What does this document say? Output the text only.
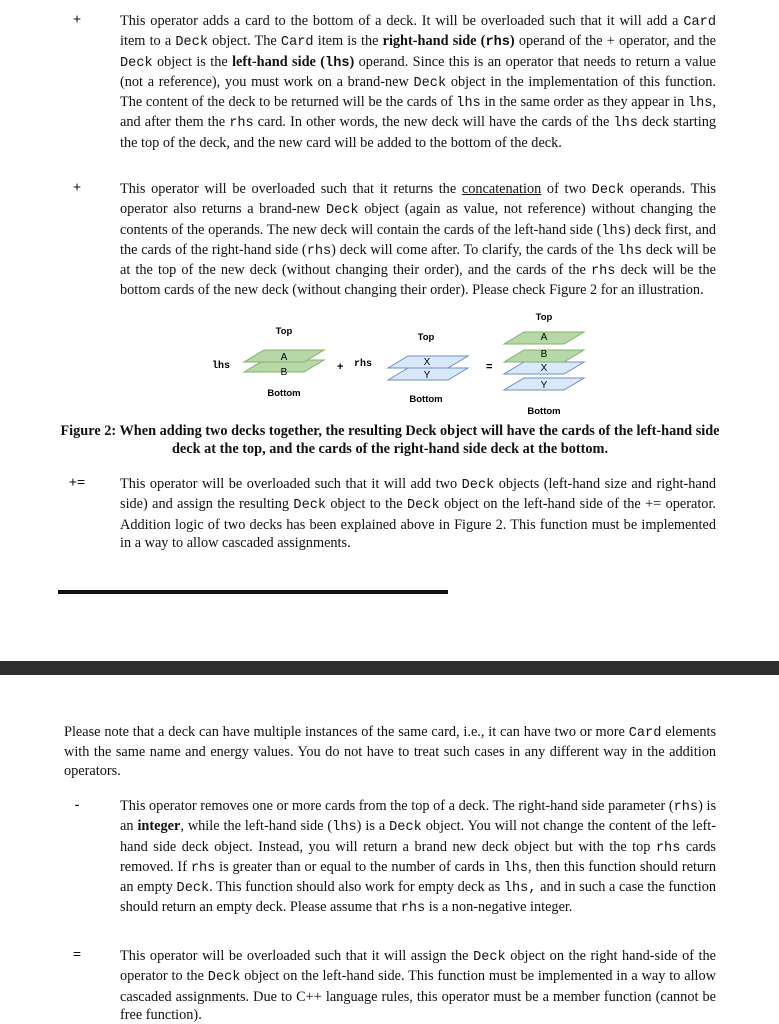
+
+
+=
-
=
This operator adds a card to the bottom of a deck. It will be overloaded such that it will add a Card item to a Deck object. The Card item is the right-hand side (rhs) operand of the + operator, and the Deck object is the left-hand side (lhs) operand. Since this is an operator that needs to return a value (not a reference), you must work on a brand-new Deck object in the implementation of this function. The content of the deck to be returned will be the cards of lhs in the same order as they appear in lhs, and after them the rhs card. In other words, the new deck will have the cards of the lhs deck starting the top of the deck, and the new card will be added to the bottom of the deck.
This operator will be overloaded such that it returns the concatenation of two Deck operands. This operator also returns a brand-new Deck object (again as value, not reference) without changing the contents of the operands. The new deck will contain the cards of the left-hand side (lhs) deck first, and the cards of the right-hand side (rhs) deck will come after. To clarify, the cards of the lhs deck will be at the top of the new deck (without changing their order), and the cards of the rhs deck will be the bottom cards of the new deck (without changing their order). Please check Figure 2 for an illustration.
This operator will be overloaded such that it will add two Deck objects (left-hand size and right-hand side) and assign the resulting Deck object to the Deck object on the left-hand side of the += operator. Addition logic of two decks has been explained above in Figure 2. This function must be implemented in a way to allow cascaded assignments.
lhs
Top
B
A
Bottom
+ rhs
Top
Y
X
Bottom
=
Top
Y
X
B
A
Bottom
Figure 2: When adding two decks together, the resulting Deck object will have the cards of the left-hand side deck at the top, and the cards of the right-hand side deck at the bottom.
Please note that a deck can have multiple instances of the same card, i.e., it can have two or more Card elements with the same name and energy values. You do not have to treat such cases in any different way in the addition operators.
This operator removes one or more cards from the top of a deck. The right-hand side parameter (rhs) is an integer, while the left-hand side (lhs) is a Deck object. You will not change the content of the left-hand side deck object. Instead, you will return a brand new deck object but with the top rhs cards removed. If rhs is greater than or equal to the number of cards in lhs, then this function should return an empty Deck. This function should also work for empty deck as lhs, and in such a case the function should return an empty deck. Please assume that rhs is a non-negative integer.
This operator will be overloaded such that it will assign the Deck object on the right hand-side of the operator to the Deck object on the left-hand side. This function must be implemented in a way to allow cascaded assignments. Due to C++ language rules, this operator must be a member function (cannot be free function).
